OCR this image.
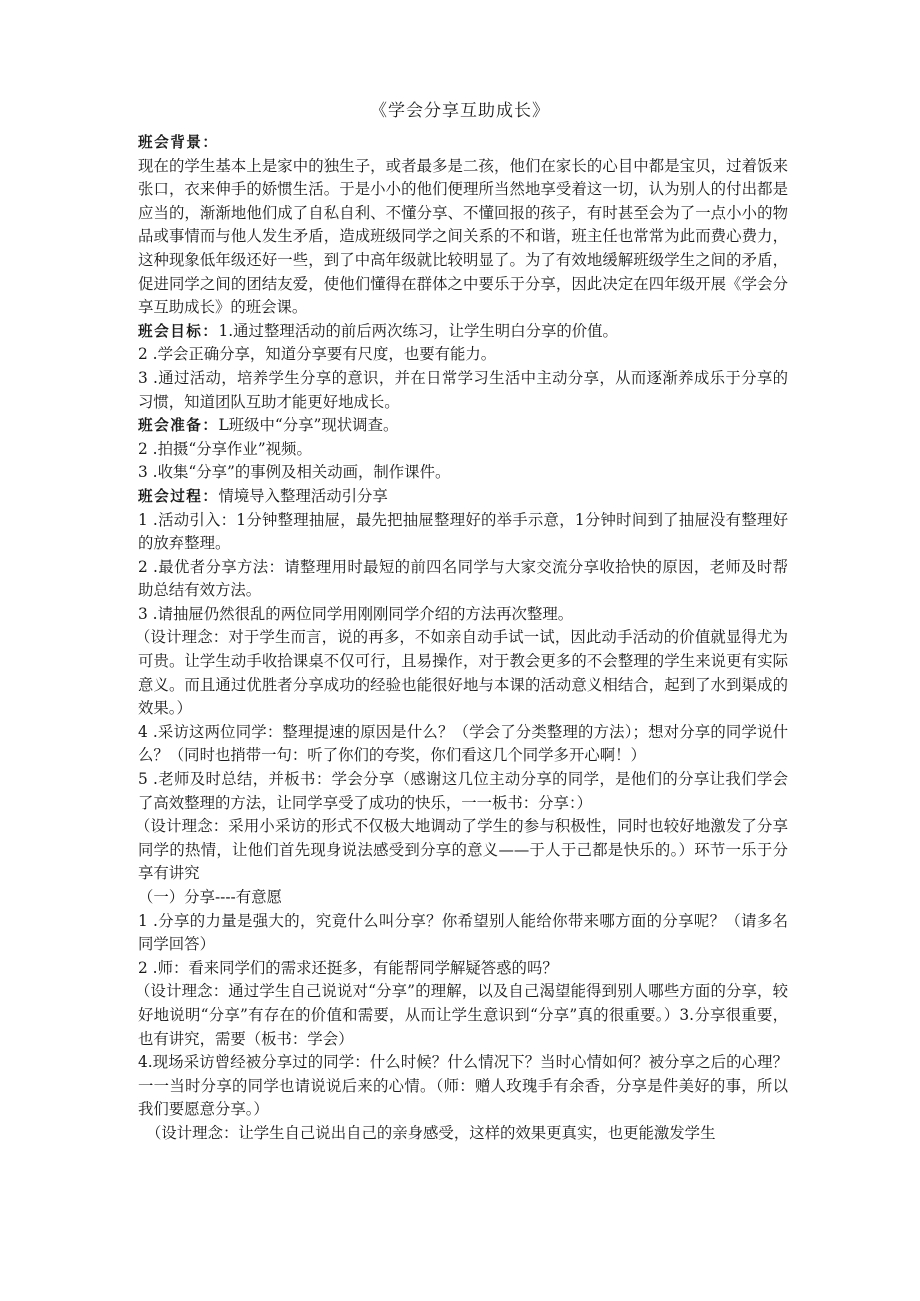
《学会分享互助成长》

班会背景：

现在的学生基本上是家中的独生子，或者最多是二孩，他们在家长的心目中都是宝贝，过着饭来张口，衣来伸手的娇惯生活。于是小小的他们便理所当然地享受着这一切，认为别人的付出都是应当的，渐渐地他们成了自私自利、不懂分享、不懂回报的孩子，有时甚至会为了一点小小的物品或事情而与他人发生矛盾，造成班级同学之间关系的不和谐，班主任也常常为此而费心费力，这种现象低年级还好一些，到了中高年级就比较明显了。为了有效地缓解班级学生之间的矛盾，促进同学之间的团结友爱，使他们懂得在群体之中要乐于分享，因此决定在四年级开展《学会分享互助成长》的班会课。

班会目标：1.通过整理活动的前后两次练习，让学生明白分享的价值。

2 .学会正确分享，知道分享要有尺度，也要有能力。

3 .通过活动，培养学生分享的意识，并在日常学习生活中主动分享，从而逐渐养成乐于分享的习惯，知道团队互助才能更好地成长。

班会准备：L班级中“分享”现状调查。

2 .拍摄“分享作业”视频。

3 .收集“分享”的事例及相关动画，制作课件。

班会过程：情境导入整理活动引分享

1 .活动引入：1分钟整理抽屉，最先把抽屉整理好的举手示意，1分钟时间到了抽屉没有整理好的放弃整理。

2 .最优者分享方法：请整理用时最短的前四名同学与大家交流分享收拾快的原因，老师及时帮助总结有效方法。

3 .请抽屉仍然很乱的两位同学用刚刚同学介绍的方法再次整理。

（设计理念：对于学生而言，说的再多，不如亲自动手试一试，因此动手活动的价值就显得尤为可贵。让学生动手收拾课桌不仅可行，且易操作，对于教会更多的不会整理的学生来说更有实际意义。而且通过优胜者分享成功的经验也能很好地与本课的活动意义相结合，起到了水到渠成的效果。）

4 .采访这两位同学：整理提速的原因是什么？（学会了分类整理的方法）；想对分享的同学说什么？（同时也捎带一句：听了你们的夸奖，你们看这几个同学多开心啊！）

5 .老师及时总结，并板书：学会分享（感谢这几位主动分享的同学，是他们的分享让我们学会了高效整理的方法，让同学享受了成功的快乐，一一板书：分享：）

（设计理念：采用小采访的形式不仅极大地调动了学生的参与积极性，同时也较好地激发了分享同学的热情，让他们首先现身说法感受到分享的意义——于人于己都是快乐的。）环节一乐于分享有讲究

（一）分享----有意愿

1 .分享的力量是强大的，究竟什么叫分享？你希望别人能给你带来哪方面的分享呢？（请多名同学回答）

2 .师：看来同学们的需求还挺多，有能帮同学解疑答惑的吗？

（设计理念：通过学生自己说说对“分享”的理解，以及自己渴望能得到别人哪些方面的分享，较好地说明“分享”有存在的价值和需要，从而让学生意识到“分享”真的很重要。）3.分享很重要，也有讲究，需要（板书：学会）

4.现场采访曾经被分享过的同学：什么时候？什么情况下？当时心情如何？被分享之后的心理？一一当时分享的同学也请说说后来的心情。（师：赠人玫瑰手有余香，分享是件美好的事，所以我们要愿意分享。）

（设计理念：让学生自己说出自己的亲身感受，这样的效果更真实，也更能激发学生
